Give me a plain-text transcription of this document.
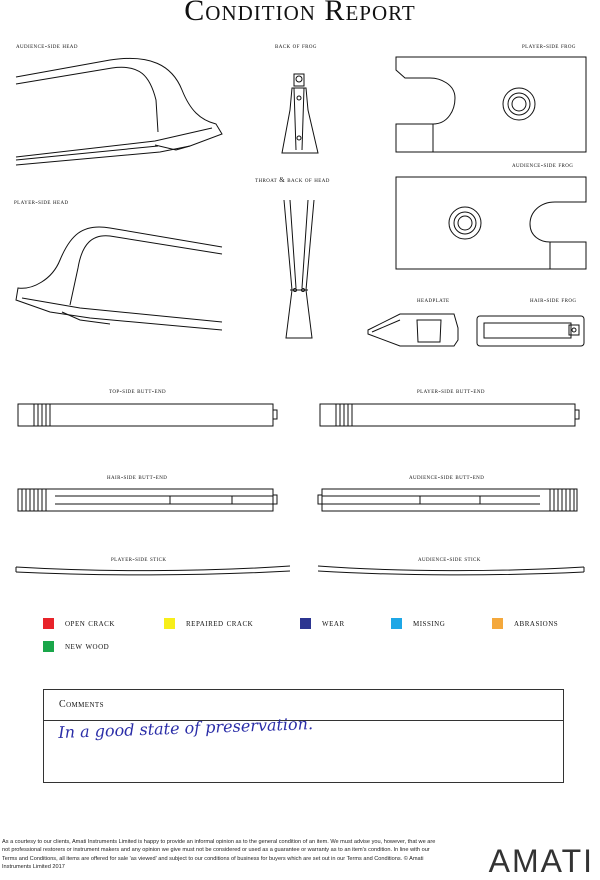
Condition Report
audience-side head	back of frog	player-side frog
audience-side frog
throat & back of head
player-side head
headplate	hair-side frog
top-side butt-end	player-side butt-end
hair-side butt-end	audience-side butt-end
player-side stick	audience-side stick
open crack	repaired crack	wear	missing	abrasions
new wood
Comments
In a good state of preservation.
As a courtesy to our clients, Amati Instruments Limited is happy to provide an informal opinion as to the general condition of an item. We must advise you, however, that we are not professional restorers or instrument makers and any opinion we give must not be considered or used as a guarantee or warranty as to an item's condition. In line with our Terms and Conditions, all items are offered for sale 'as viewed' and subject to our conditions of business for buyers which are set out in our Terms and Conditions. © Amati Instruments Limited 2017	AMATI
